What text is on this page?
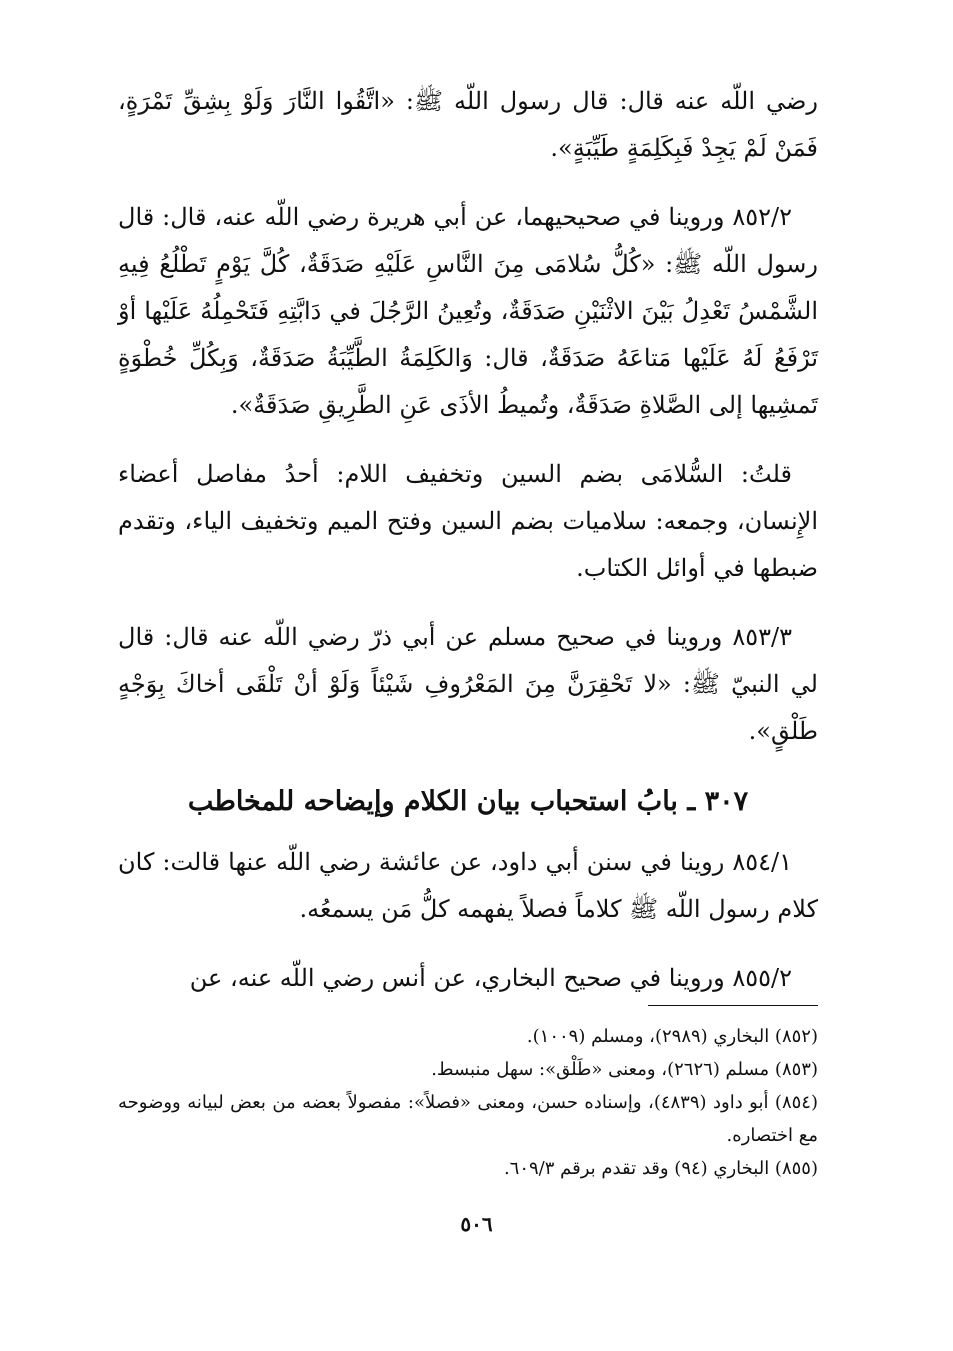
رضي اللّه عنه قال: قال رسول اللّه ﷺ: «اتَّقُوا النَّارَ وَلَوْ بِشِقِّ تَمْرَةٍ، فَمَنْ لَمْ يَجِدْ فَبِكَلِمَةٍ طَيِّبَةٍ».

٨٥٢/٢ وروينا في صحيحيهما، عن أبي هريرة رضي اللّه عنه، قال: قال رسول اللّه ﷺ: «كُلُّ سُلامَى مِنَ النَّاسِ عَلَيْهِ صَدَقَةٌ، كُلَّ يَوْمٍ تَطْلُعُ فِيهِ الشَّمْسُ تَعْدِلُ بَيْنَ الاثْنَيْنِ صَدَقَةٌ، وتُعِينُ الرَّجُلَ في دَابَّتِهِ فَتَحْمِلُهُ عَلَيْها أوْ تَرْفَعُ لَهُ عَلَيْها مَتاعَهُ صَدَقَةٌ، قال: وَالكَلِمَةُ الطَّيِّبَةُ صَدَقَةٌ، وَبِكُلِّ خُطْوَةٍ تَمشِيها إلى الصَّلاةِ صَدَقَةٌ، وتُميطُ الأذَى عَنِ الطَّرِيقِ صَدَقَةٌ».

قلتُ: السُّلامَى بضم السين وتخفيف اللام: أحدُ مفاصل أعضاء الإِنسان، وجمعه: سلاميات بضم السين وفتح الميم وتخفيف الياء، وتقدم ضبطها في أوائل الكتاب.

٨٥٣/٣ وروينا في صحيح مسلم عن أبي ذرّ رضي اللّه عنه قال: قال لي النبيّ ﷺ: «لا تَحْقِرَنَّ مِنَ المَعْرُوفِ شَيْئاً وَلَوْ أنْ تَلْقَى أخاكَ بِوَجْهٍ طَلْقٍ».

٣٠٧ ـ بابُ استحباب بيان الكلام وإيضاحه للمخاطب

٨٥٤/١ روينا في سنن أبي داود، عن عائشة رضي اللّه عنها قالت: كان كلام رسول اللّه ﷺ كلاماً فصلاً يفهمه كلُّ مَن يسمعُه.

٨٥٥/٢ وروينا في صحيح البخاري، عن أنس رضي اللّه عنه، عن

(٨٥٢) البخاري (٢٩٨٩)، ومسلم (١٠٠٩).

(٨٥٣) مسلم (٢٦٢٦)، ومعنى «طَلْق»: سهل منبسط.

(٨٥٤) أبو داود (٤٨٣٩)، وإسناده حسن، ومعنى «فصلاً»: مفصولاً بعضه من بعض لبيانه ووضوحه مع اختصاره.

(٨٥٥) البخاري (٩٤) وقد تقدم برقم ٦٠٩/٣.

٥٠٦
